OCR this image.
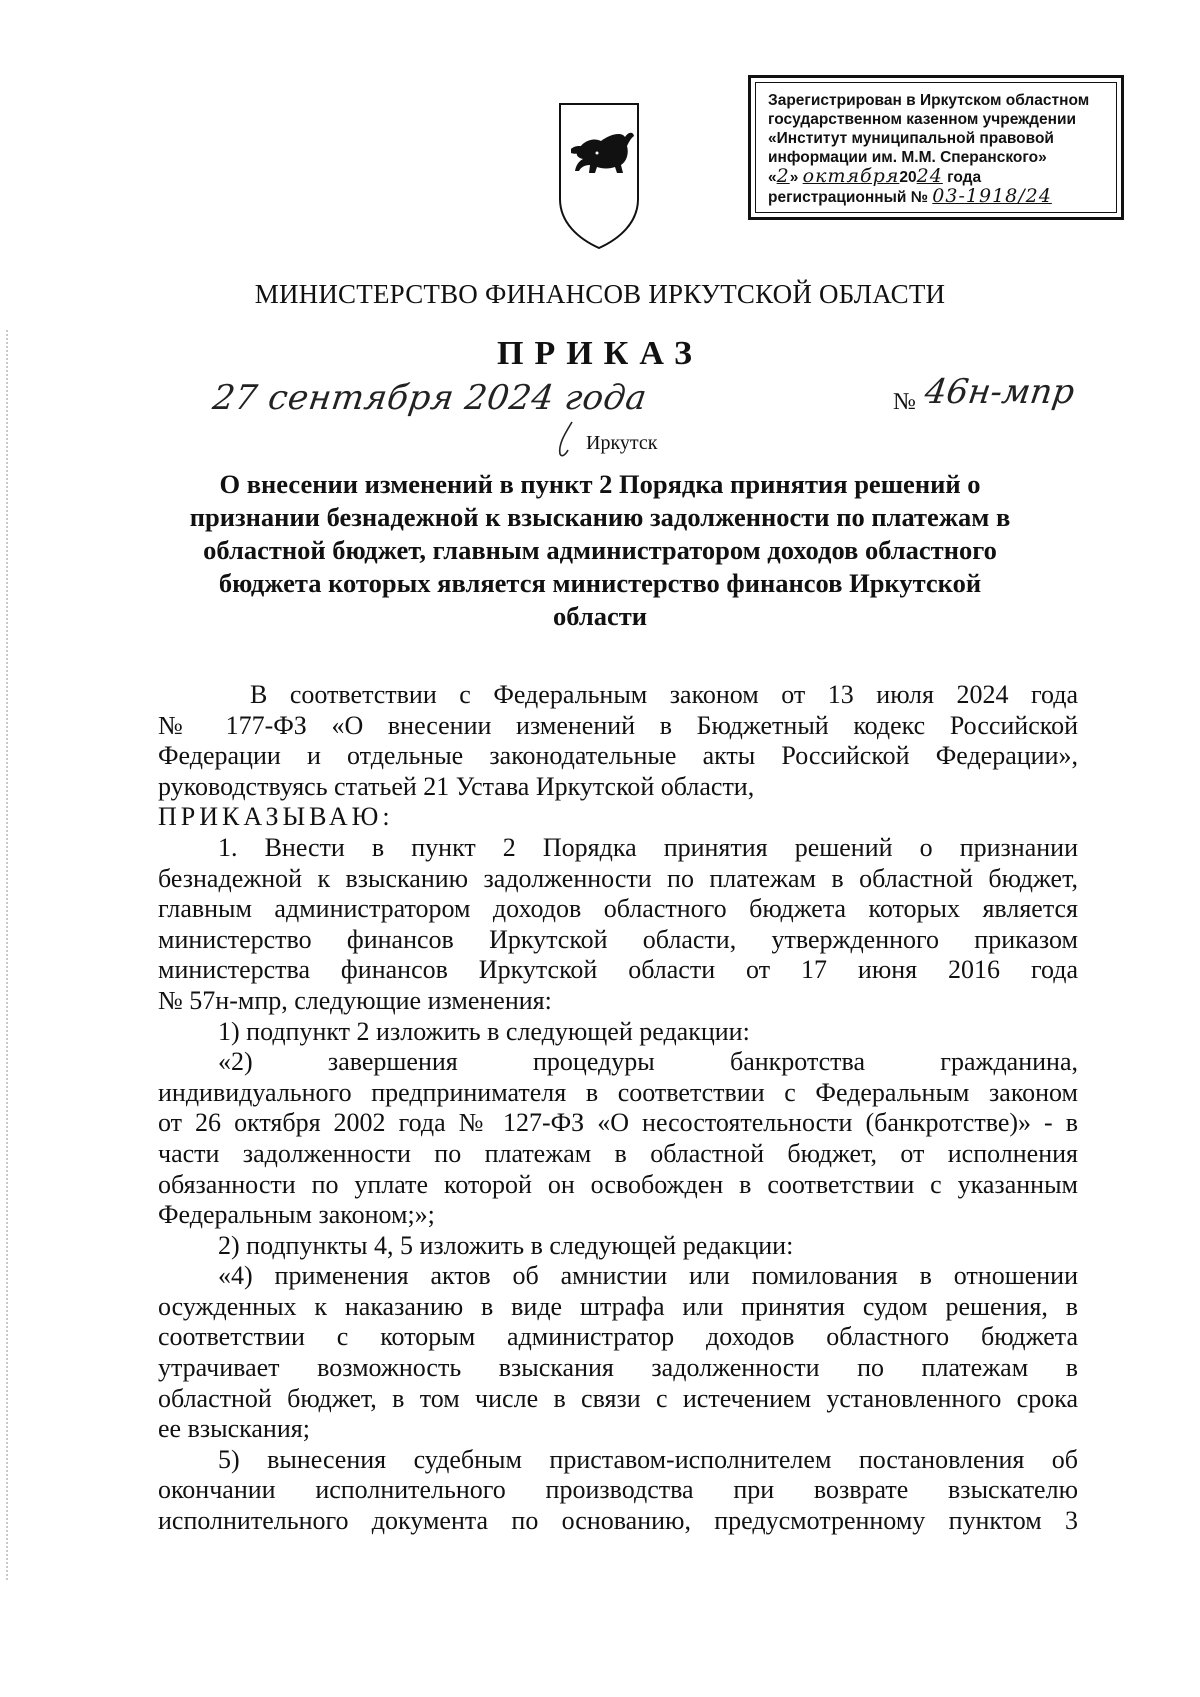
Зарегистрирован в Иркутском областном
государственном казенном учреждении
«Институт муниципальной правовой
информации им. М.М. Сперанского»
«2» октября2024 года
регистрационный № 03-1918/24
МИНИСТЕРСТВО ФИНАНСОВ ИРКУТСКОЙ ОБЛАСТИ
ПРИКАЗ
27 сентября 2024 года	№ 46н-мпр
Иркутск
О внесении изменений в пункт 2 Порядка принятия решений о
признании безнадежной к взысканию задолженности по платежам в
областной бюджет, главным администратором доходов областного
бюджета которых является министерство финансов Иркутской
области
В соответствии с Федеральным законом от 13 июля 2024 года
№ 177-ФЗ «О внесении изменений в Бюджетный кодекс Российской
Федерации и отдельные законодательные акты Российской Федерации»,
руководствуясь статьей 21 Устава Иркутской области,
ПРИКАЗЫВАЮ:
1. Внести в пункт 2 Порядка принятия решений о признании
безнадежной к взысканию задолженности по платежам в областной бюджет,
главным администратором доходов областного бюджета которых является
министерство финансов Иркутской области, утвержденного приказом
министерства финансов Иркутской области от 17 июня 2016 года
№ 57н-мпр, следующие изменения:
1) подпункт 2 изложить в следующей редакции:
«2) завершения процедуры банкротства гражданина,
индивидуального предпринимателя в соответствии с Федеральным законом
от 26 октября 2002 года № 127-ФЗ «О несостоятельности (банкротстве)» - в
части задолженности по платежам в областной бюджет, от исполнения
обязанности по уплате которой он освобожден в соответствии с указанным
Федеральным законом;»;
2) подпункты 4, 5 изложить в следующей редакции:
«4) применения актов об амнистии или помилования в отношении
осужденных к наказанию в виде штрафа или принятия судом решения, в
соответствии с которым администратор доходов областного бюджета
утрачивает возможность взыскания задолженности по платежам в
областной бюджет, в том числе в связи с истечением установленного срока
ее взыскания;
5) вынесения судебным приставом-исполнителем постановления об
окончании исполнительного производства при возврате взыскателю
исполнительного документа по основанию, предусмотренному пунктом 3
